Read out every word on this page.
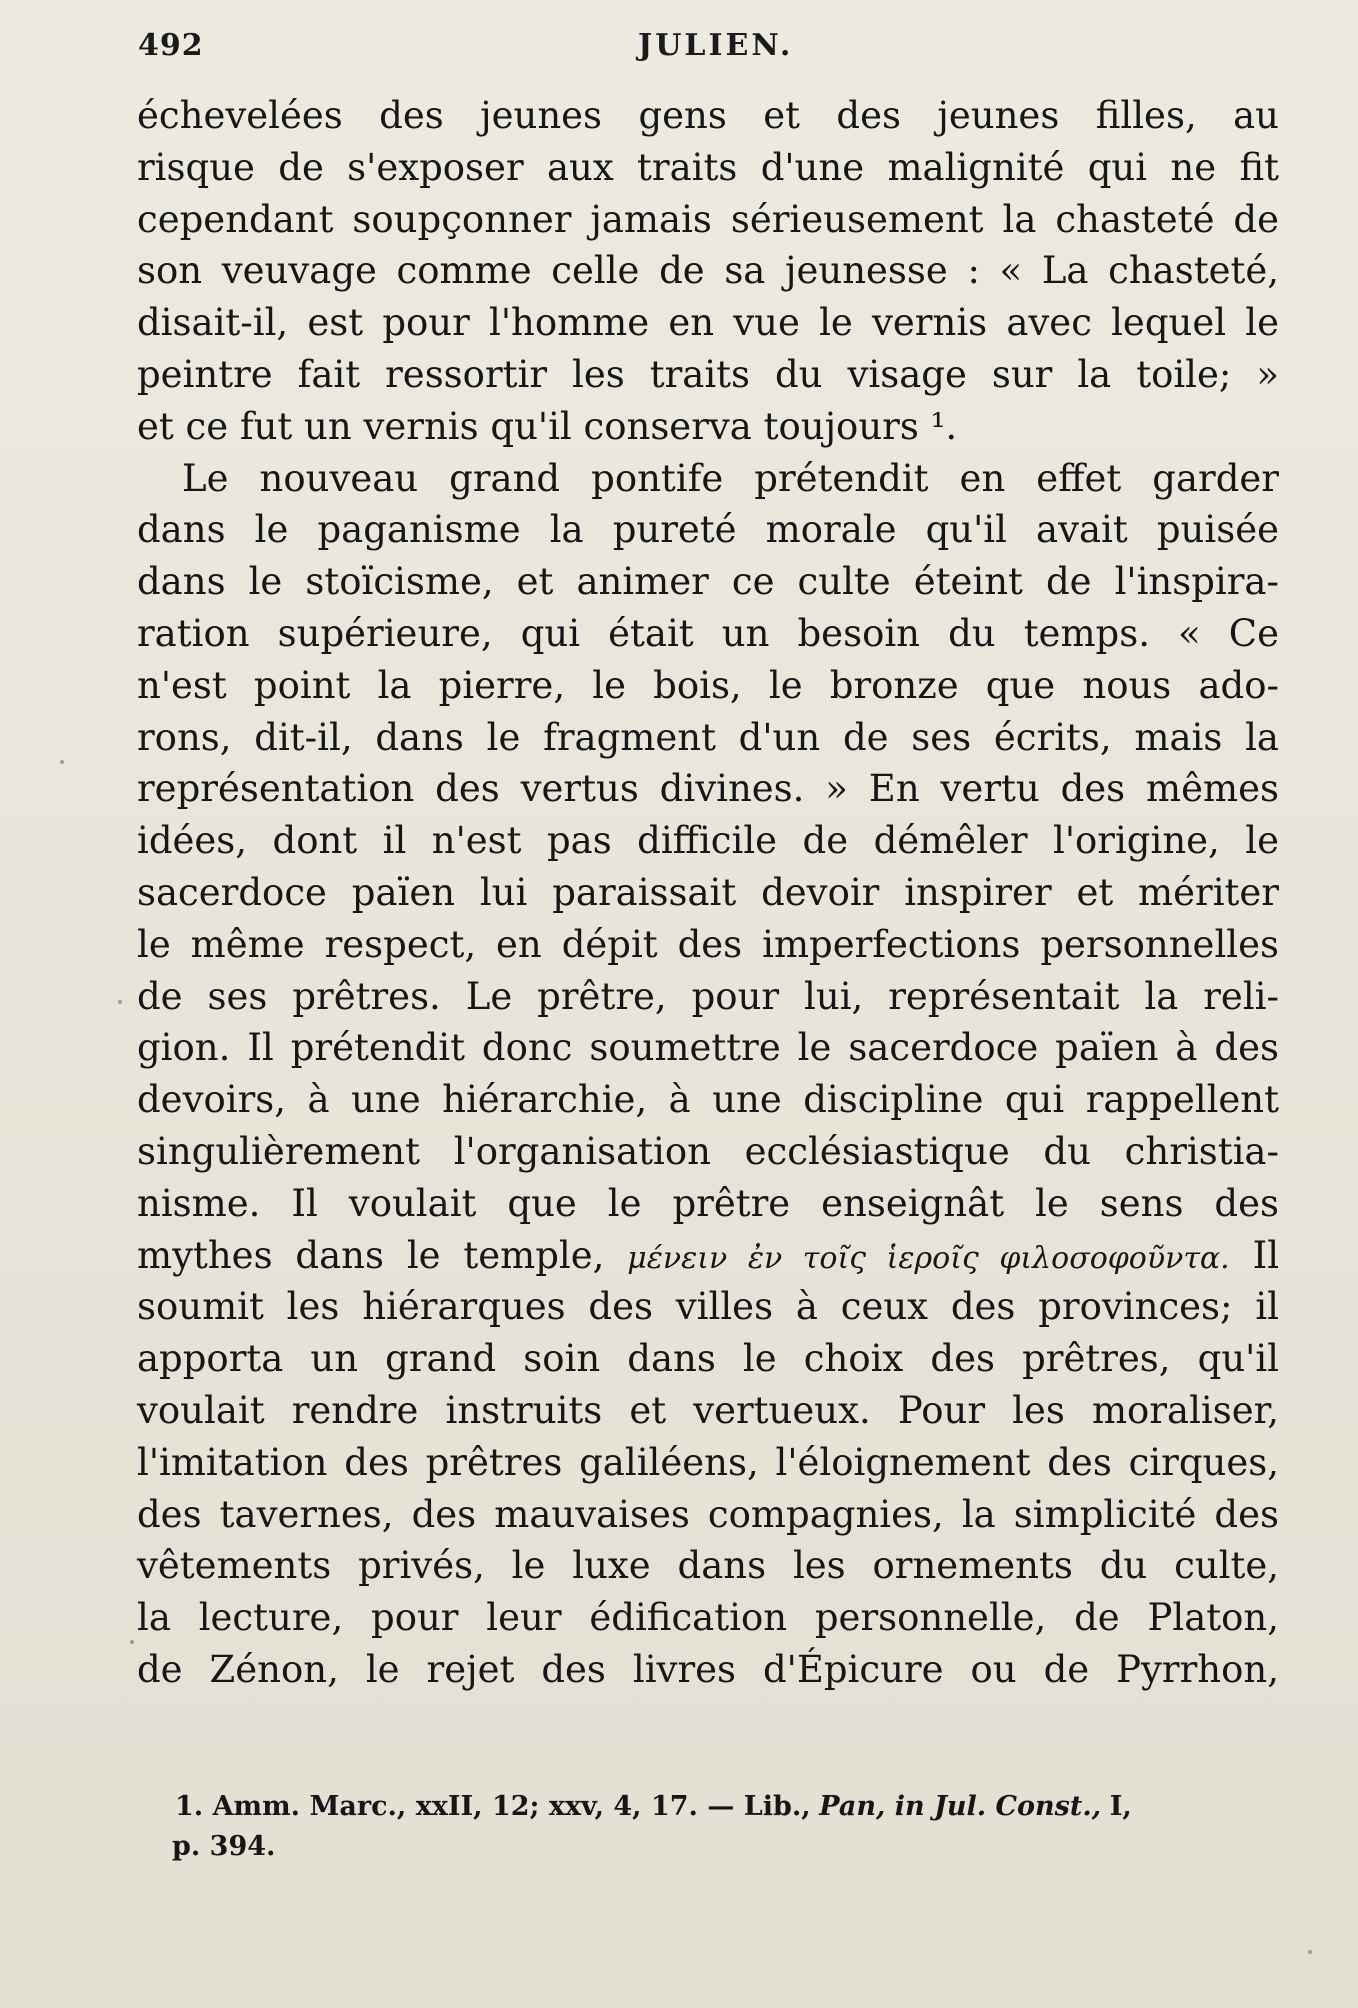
492	JULIEN.
échevelées des jeunes gens et des jeunes filles, au
risque de s'exposer aux traits d'une malignité qui ne fit
cependant soupçonner jamais sérieusement la chasteté de
son veuvage comme celle de sa jeunesse : « La chasteté,
disait-il, est pour l'homme en vue le vernis avec lequel le
peintre fait ressortir les traits du visage sur la toile; »
et ce fut un vernis qu'il conserva toujours ¹.
Le nouveau grand pontife prétendit en effet garder
dans le paganisme la pureté morale qu'il avait puisée
dans le stoïcisme, et animer ce culte éteint de l'inspira-
ration supérieure, qui était un besoin du temps. « Ce
n'est point la pierre, le bois, le bronze que nous ado-
rons, dit-il, dans le fragment d'un de ses écrits, mais la
représentation des vertus divines. » En vertu des mêmes
idées, dont il n'est pas difficile de démêler l'origine, le
sacerdoce païen lui paraissait devoir inspirer et mériter
le même respect, en dépit des imperfections personnelles
de ses prêtres. Le prêtre, pour lui, représentait la reli-
gion. Il prétendit donc soumettre le sacerdoce païen à des
devoirs, à une hiérarchie, à une discipline qui rappellent
singulièrement l'organisation ecclésiastique du christia-
nisme. Il voulait que le prêtre enseignât le sens des
mythes dans le temple, μένειν ἐν τοῖς ἱεροῖς φιλοσοφοῦντα. Il
soumit les hiérarques des villes à ceux des provinces; il
apporta un grand soin dans le choix des prêtres, qu'il
voulait rendre instruits et vertueux. Pour les moraliser,
l'imitation des prêtres galiléens, l'éloignement des cirques,
des tavernes, des mauvaises compagnies, la simplicité des
vêtements privés, le luxe dans les ornements du culte,
la lecture, pour leur édification personnelle, de Platon,
de Zénon, le rejet des livres d'Épicure ou de Pyrrhon,
1. Amm. Marc., xxII, 12; xxv, 4, 17. — Lib., Pan, in Jul. Const., I,
p. 394.
